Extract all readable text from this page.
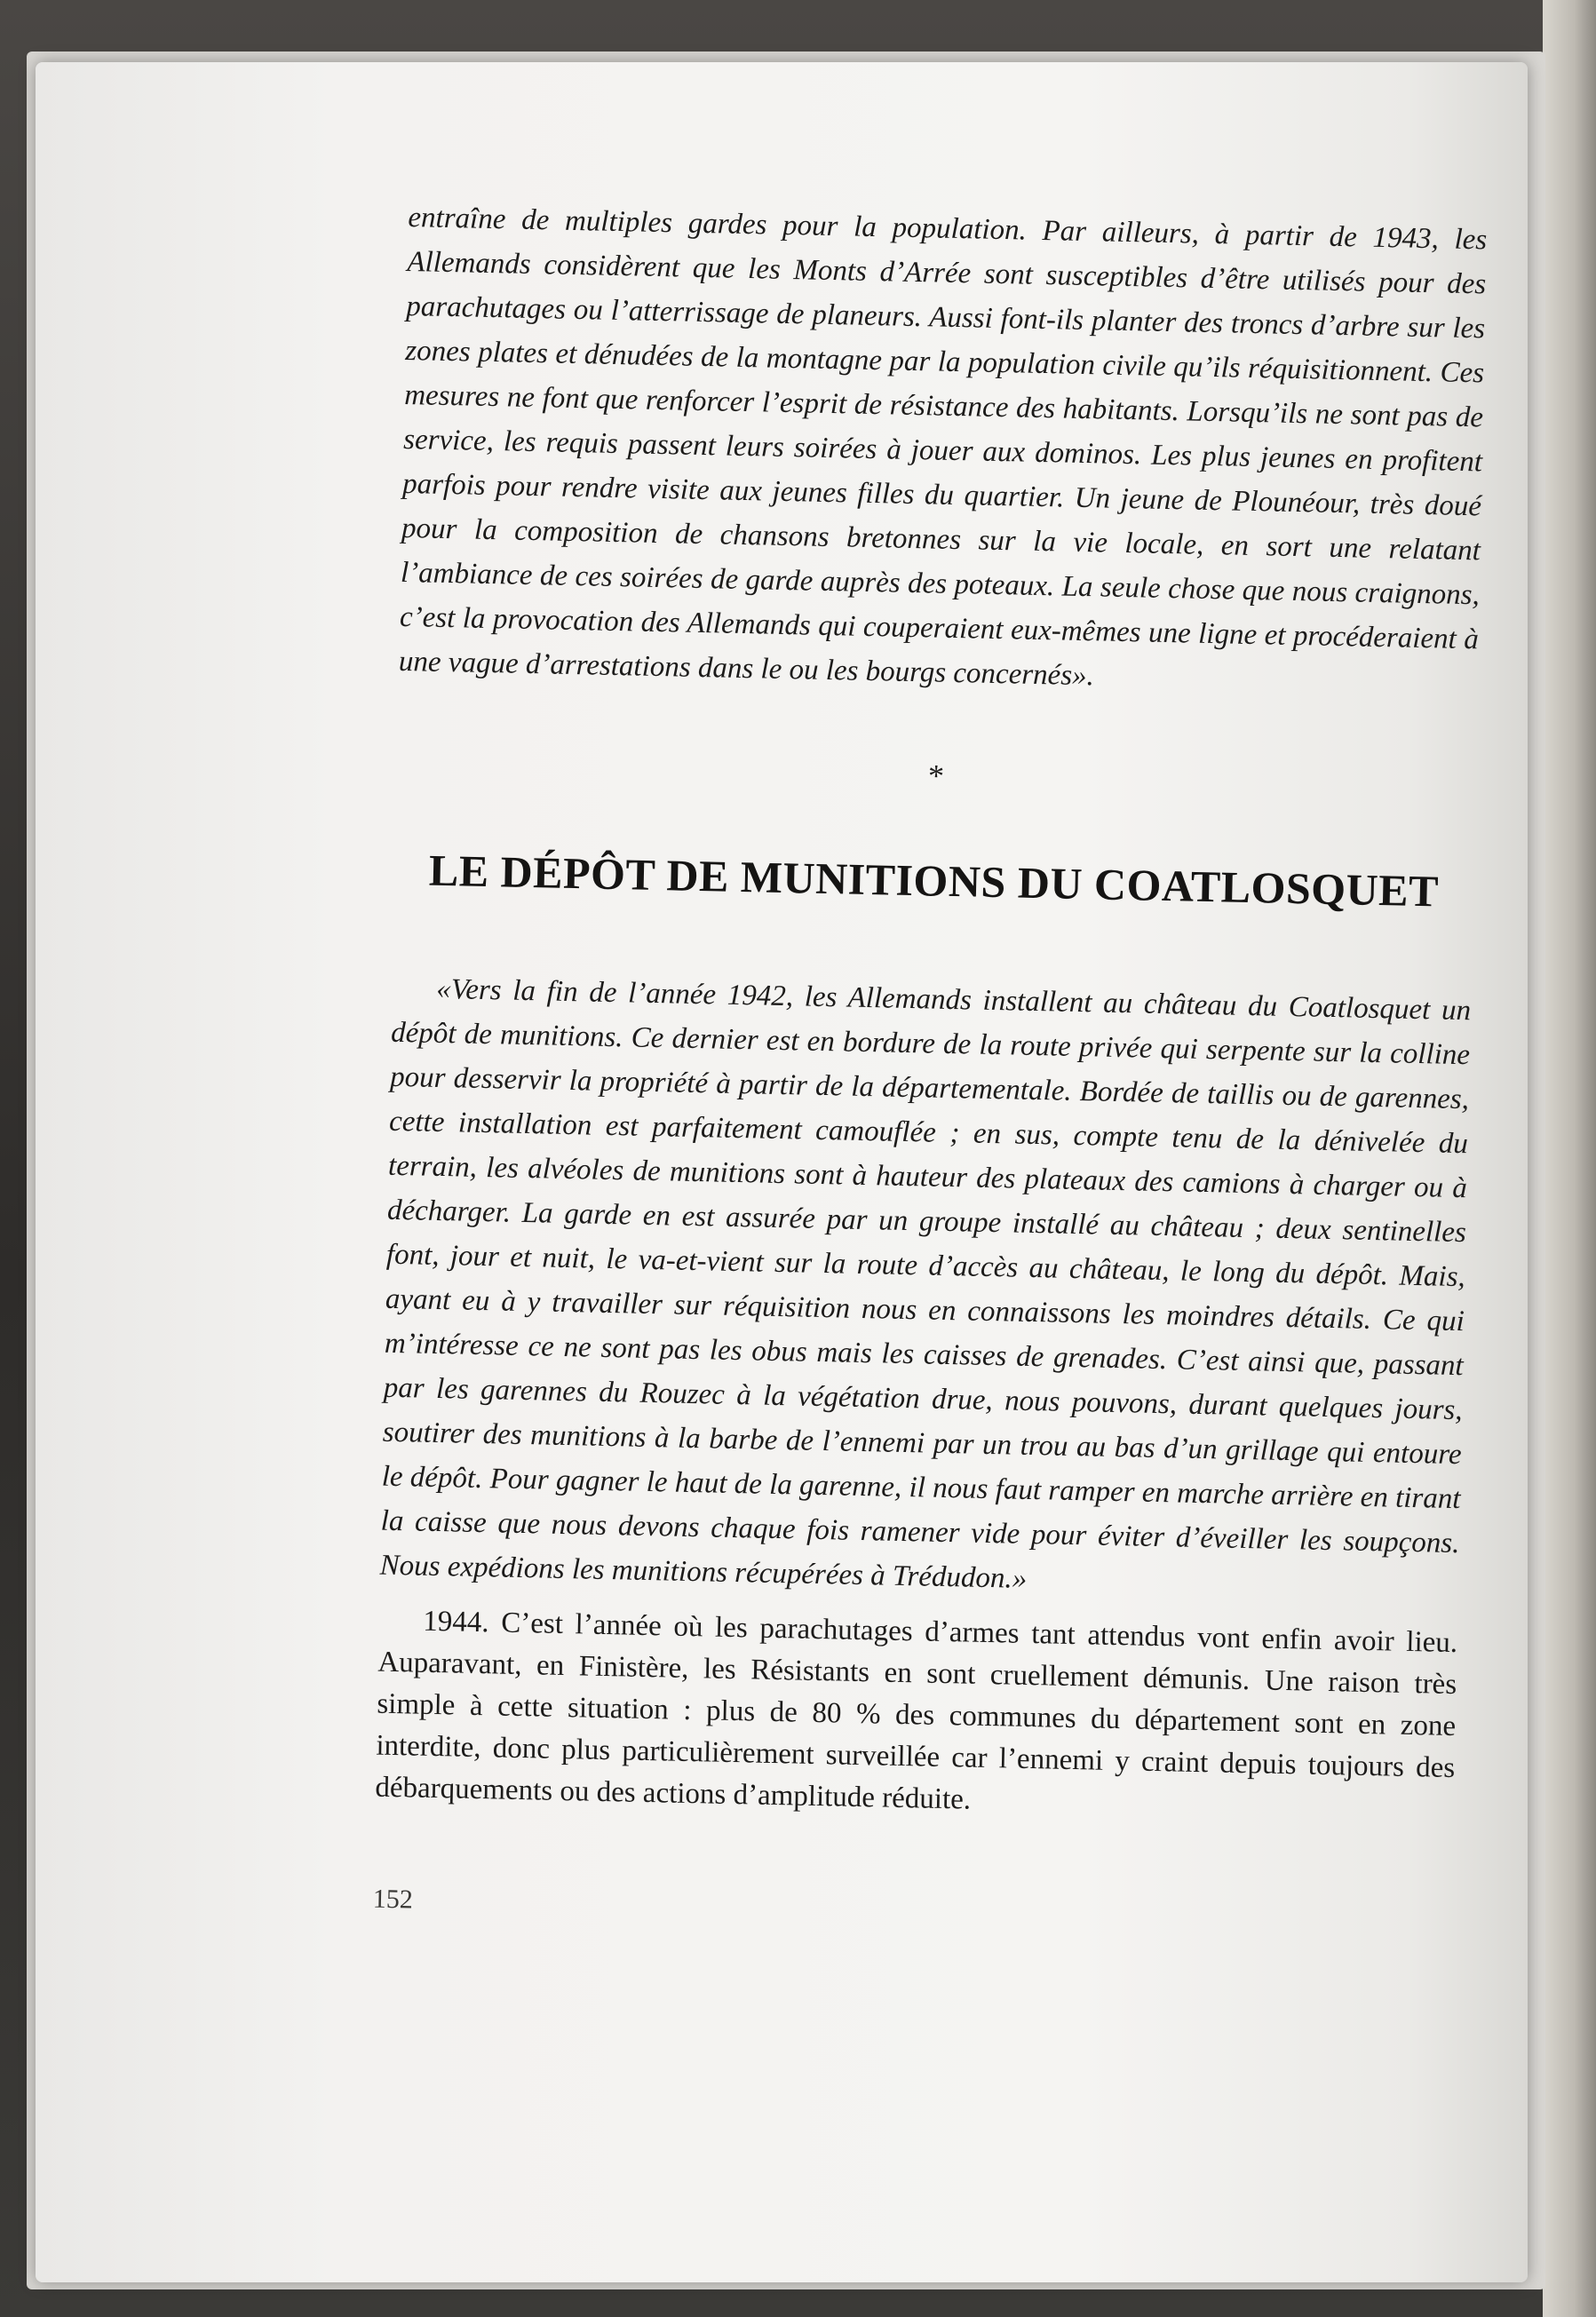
entraîne de multiples gardes pour la population. Par ailleurs, à partir de 1943, les Allemands considèrent que les Monts d’Arrée sont susceptibles d’être utilisés pour des parachutages ou l’atterrissage de planeurs. Aussi font-ils planter des troncs d’arbre sur les zones plates et dénudées de la montagne par la population civile qu’ils réquisitionnent. Ces mesures ne font que renforcer l’esprit de résistance des habitants. Lorsqu’ils ne sont pas de service, les requis passent leurs soirées à jouer aux dominos. Les plus jeunes en profitent parfois pour rendre visite aux jeunes filles du quartier. Un jeune de Plounéour, très doué pour la composition de chansons bretonnes sur la vie locale, en sort une relatant l’ambiance de ces soirées de garde auprès des poteaux. La seule chose que nous craignons, c’est la provocation des Allemands qui couperaient eux-mêmes une ligne et procéderaient à une vague d’arrestations dans le ou les bourgs concernés».

*
LE DÉPÔT DE MUNITIONS DU COATLOSQUET

«Vers la fin de l’année 1942, les Allemands installent au château du Coatlosquet un dépôt de munitions. Ce dernier est en bordure de la route privée qui serpente sur la colline pour desservir la propriété à partir de la départementale. Bordée de taillis ou de garennes, cette installation est parfaitement camouflée ; en sus, compte tenu de la dénivelée du terrain, les alvéoles de munitions sont à hauteur des plateaux des camions à charger ou à décharger. La garde en est assurée par un groupe installé au château ; deux sentinelles font, jour et nuit, le va-et-vient sur la route d’accès au château, le long du dépôt. Mais, ayant eu à y travailler sur réquisition nous en connaissons les moindres détails. Ce qui m’intéresse ce ne sont pas les obus mais les caisses de grenades. C’est ainsi que, passant par les garennes du Rouzec à la végétation drue, nous pouvons, durant quelques jours, soutirer des munitions à la barbe de l’ennemi par un trou au bas d’un grillage qui entoure le dépôt. Pour gagner le haut de la garenne, il nous faut ramper en marche arrière en tirant la caisse que nous devons chaque fois ramener vide pour éviter d’éveiller les soupçons. Nous expédions les munitions récupérées à Trédudon.»

1944. C’est l’année où les parachutages d’armes tant attendus vont enfin avoir lieu. Auparavant, en Finistère, les Résistants en sont cruellement démunis. Une raison très simple à cette situation : plus de 80 % des communes du département sont en zone interdite, donc plus particulièrement surveillée car l’ennemi y craint depuis toujours des débarquements ou des actions d’amplitude réduite.

152
